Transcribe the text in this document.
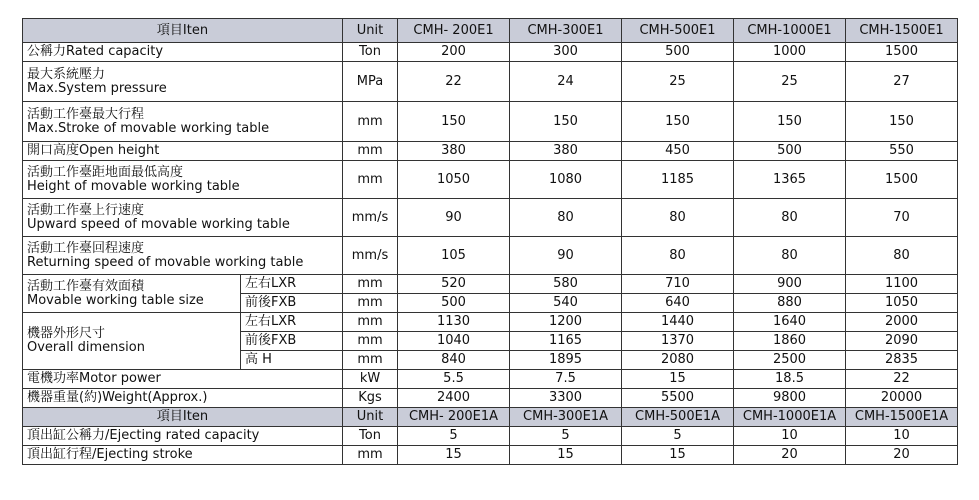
項目Iten		Unit	CMH- 200E1	CMH-300E1	CMH-500E1	CMH-1000E1	CMH-1500E1
公稱力Rated capacity		Ton	200	300	500	1000	1500

最大系統壓力
Max.System pressure		MPa	22	24	25	25	27

活動工作臺最大行程
Max.Stroke of movable working table		mm	150	150	150	150	150
開口高度Open height		mm	380	380	450	500	550

活動工作臺距地面最低高度
Height of movable working table		mm	1050	1080	1185	1365	1500

活動工作臺上行速度
Upward speed of movable working table		mm/s	90	80	80	80	70

活動工作臺回程速度
Returning speed of movable working table		mm/s	105	90	80	80	80

活動工作臺有效面積
Movable working table size	左右LXR	mm	520	580	710	900	1100
	前後FXB	mm	500	540	640	880	1050

機器外形尺寸
Overall dimension	左右LXR	mm	1130	1200	1440	1640	2000
	前後FXB	mm	1040	1165	1370	1860	2090
	高 H	mm	840	1895	2080	2500	2835
電機功率Motor power		kW	5.5	7.5	15	18.5	22
機器重量(約)Weight(Approx.)		Kgs	2400	3300	5500	9800	20000
項目Iten		Unit	CMH- 200E1A	CMH-300E1A	CMH-500E1A	CMH-1000E1A	CMH-1500E1A
頂出缸公稱力/Ejecting rated capacity		Ton	5	5	5	10	10
頂出缸行程/Ejecting stroke		mm	15	15	15	20	20
